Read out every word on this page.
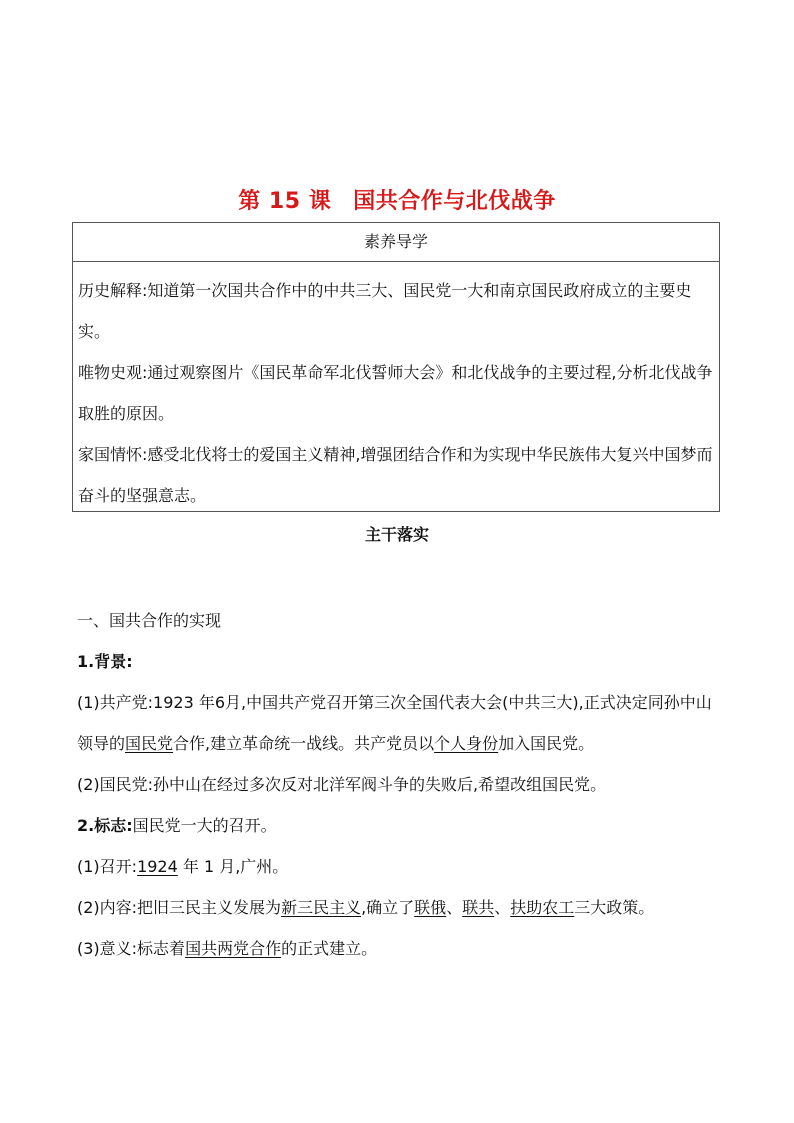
第 15 课 国共合作与北伐战争
素养导学
历史解释:知道第一次国共合作中的中共三大、国民党一大和南京国民政府成立的主要史实。
唯物史观:通过观察图片《国民革命军北伐誓师大会》和北伐战争的主要过程,分析北伐战争取胜的原因。
家国情怀:感受北伐将士的爱国主义精神,增强团结合作和为实现中华民族伟大复兴中国梦而奋斗的坚强意志。
主干落实
一、国共合作的实现
1.背景:
(1)共产党:1923 年6月,中国共产党召开第三次全国代表大会(中共三大),正式决定同孙中山领导的国民党合作,建立革命统一战线。共产党员以个人身份加入国民党。
(2)国民党:孙中山在经过多次反对北洋军阀斗争的失败后,希望改组国民党。
2.标志:国民党一大的召开。
(1)召开:1924 年 1 月,广州。
(2)内容:把旧三民主义发展为新三民主义,确立了联俄、联共、扶助农工三大政策。
(3)意义:标志着国共两党合作的正式建立。
